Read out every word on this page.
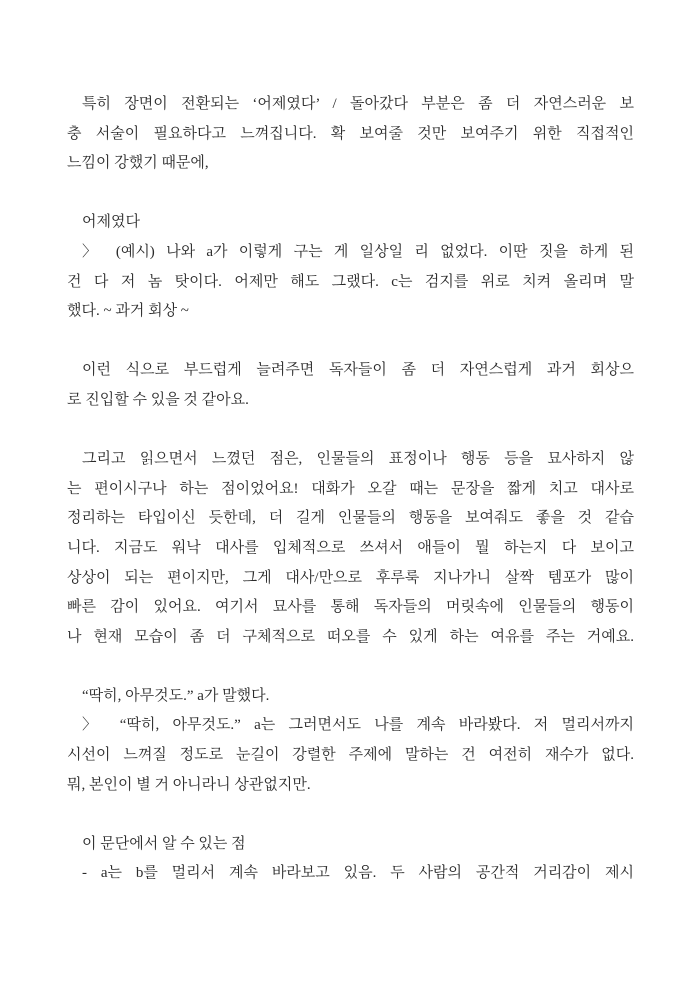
특히 장면이 전환되는 ‘어제였다’ / 돌아갔다 부분은 좀 더 자연스러운 보
충 서술이 필요하다고 느껴집니다. 확 보여줄 것만 보여주기 위한 직접적인
느낌이 강했기 때문에,
어제였다
〉 (예시) 나와 a가 이렇게 구는 게 일상일 리 없었다. 이딴 짓을 하게 된
건 다 저 놈 탓이다. 어제만 해도 그랬다. c는 검지를 위로 치켜 올리며 말
했다. ~ 과거 회상 ~
이런 식으로 부드럽게 늘려주면 독자들이 좀 더 자연스럽게 과거 회상으
로 진입할 수 있을 것 같아요.
그리고 읽으면서 느꼈던 점은, 인물들의 표정이나 행동 등을 묘사하지 않
는 편이시구나 하는 점이었어요! 대화가 오갈 때는 문장을 짧게 치고 대사로
정리하는 타입이신 듯한데, 더 길게 인물들의 행동을 보여줘도 좋을 것 같습
니다. 지금도 워낙 대사를 입체적으로 쓰셔서 애들이 뭘 하는지 다 보이고
상상이 되는 편이지만, 그게 대사/만으로 후루룩 지나가니 살짝 템포가 많이
빠른 감이 있어요. 여기서 묘사를 통해 독자들의 머릿속에 인물들의 행동이
나 현재 모습이 좀 더 구체적으로 떠오를 수 있게 하는 여유를 주는 거예요.
“딱히, 아무것도.” a가 말했다.
〉 “딱히, 아무것도.” a는 그러면서도 나를 계속 바라봤다. 저 멀리서까지
시선이 느껴질 정도로 눈길이 강렬한 주제에 말하는 건 여전히 재수가 없다.
뭐, 본인이 별 거 아니라니 상관없지만.
이 문단에서 알 수 있는 점
- a는 b를 멀리서 계속 바라보고 있음. 두 사람의 공간적 거리감이 제시
